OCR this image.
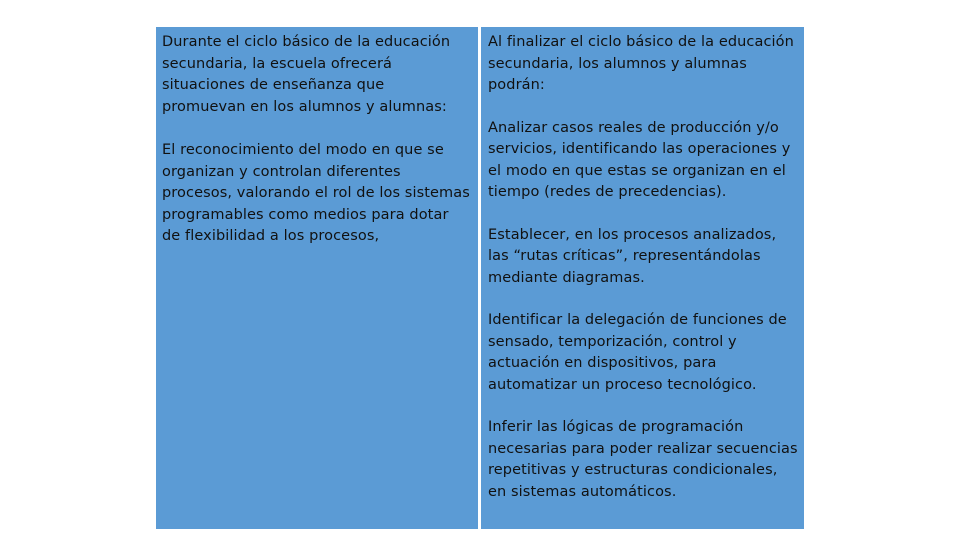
Durante el ciclo básico de la educación
secundaria, la escuela ofrecerá
situaciones de enseñanza que
promuevan en los alumnos y alumnas:

El reconocimiento del modo en que se
organizan y controlan diferentes
procesos, valorando el rol de los sistemas
programables como medios para dotar
de flexibilidad a los procesos,

Al finalizar el ciclo básico de la educación
secundaria, los alumnos y alumnas
podrán:

Analizar casos reales de producción y/o
servicios, identificando las operaciones y
el modo en que estas se organizan en el
tiempo (redes de precedencias).

Establecer, en los procesos analizados,
las “rutas críticas”, representándolas
mediante diagramas.

Identificar la delegación de funciones de
sensado, temporización, control y
actuación en dispositivos, para
automatizar un proceso tecnológico.

Inferir las lógicas de programación
necesarias para poder realizar secuencias
repetitivas y estructuras condicionales,
en sistemas automáticos.
